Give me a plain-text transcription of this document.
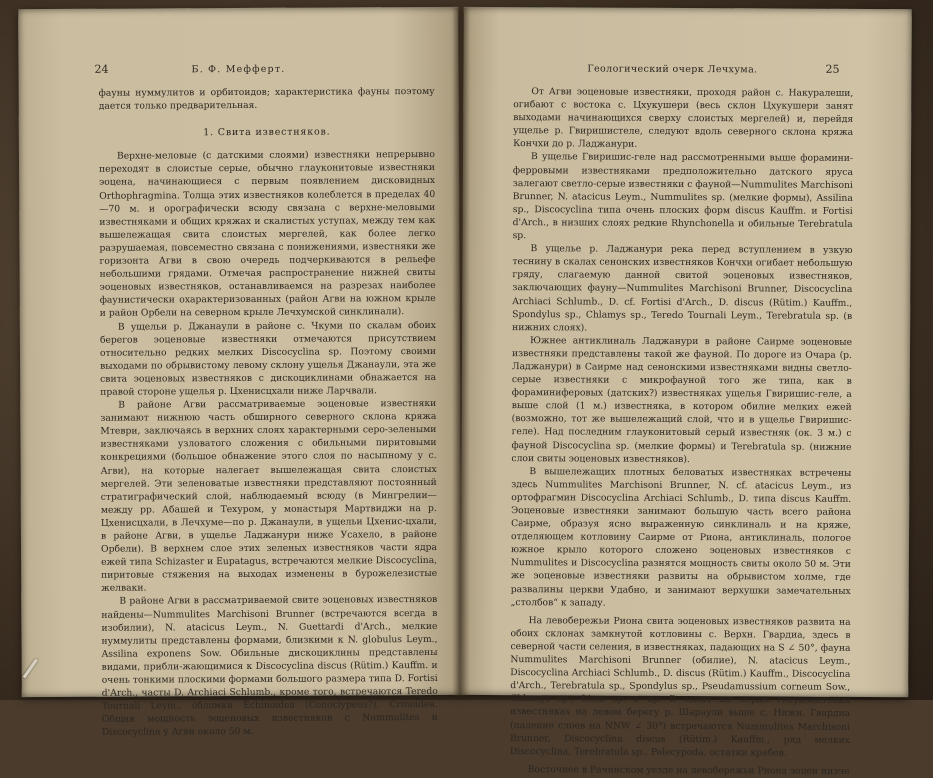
24	Б. Ф. Мефферт.

фауны нуммулитов и орбитоидов; характеристика фауны поэтому дается только предварительная.

1. Свита известняков.

Верхне-меловые (с датскими слоями) известняки непрерывно переходят в слоистые серые, обычно глауконитовые известняки эоцена, начинающиеся с первым появлением дисковидных Orthophragmina. Толща этих известняков колеблется в пределах 40—70 м. и орографически всюду связана с верхне-меловыми известняками и общих кряжах и скалистых уступах, между тем как вышележащая свита слоистых мергелей, как более легко разрушаемая, повсеместно связана с понижениями, известняки же горизонта Агви в свою очередь подчеркиваются в рельефе небольшими грядами. Отмечая распространение нижней свиты эоценовых известняков, останавливаемся на разрезах наиболее фаунистически охарактеризованных (район Агви на южном крыле и район Орбели на северном крыле Лечхумской синклинали).

В ущельи р. Джанаули в районе с. Чкуми по скалам обоих берегов эоценовые известняки отмечаются присутствием относительно редких мелких Discocyclina sp. Поэтому своими выходами по обрывистому левому склону ущелья Джанаули, эта же свита эоценовых известняков с дискоциклинами обнажается на правой стороне ущелья р. Цхенисцхали ниже Ларчвали.

В районе Агви рассматриваемые эоценовые известняки занимают нижнюю часть обширного северного склона кряжа Мтеври, заключаясь в верхних слоях характерными серо-зелеными известняками узловатого сложения с обильными пиритовыми конкрециями (большое обнажение этого слоя по насыпному у с. Агви), на которые налегает вышележащая свита слоистых мергелей. Эти зеленоватые известняки представляют постоянный стратиграфический слой, наблюдаемый всюду (в Мингрелии—между рр. Абашей и Техуром, у монастыря Мартвиджи на р. Цхенисцхали, в Лечхуме—по р. Джанаули, в ущельи Цхенис-цхали, в районе Агви, в ущелье Ладжанури ниже Усахело, в районе Орбели). В верхнем слое этих зеленых известняков части ядра ежей типа Schizaster и Eupatagus, встречаются мелкие Discocyclina, пиритовые стяжения на выходах изменены в бурожелезистые желваки.

В районе Агви в рассматриваемой свите эоценовых известняков найдены—Nummulites Marchisoni Brunner (встречаются всегда в изобилии), N. atacicus Leym., N. Guettardi d'Arch., мелкие нуммулиты представлены формами, близкими к N. globulus Leym., Assilina exponens Sow. Обильные дискоциклины представлены видами, прибли-жающимися к Discocyclina discus (Rütim.) Kauffm. и очень тонкими плоскими формами большого размера типа D. Fortisi d'Arch., часты D. Archiaci Schlumb., кроме того, встречаются Teredo Tournali Leym., обломки Echinoidea (Conoclypeus?), Crinoidea. Общая мощность эоценовых известняков с Nummulites и Discocyclina у Агви около 50 м.

Геологический очерк Лечхума.	25

От Агви эоценовые известняки, проходя район с. Накуралеши, огибают с востока с. Цхукушери (весь склон Цхукушери занят выходами начинающихся сверху слоистых мергелей) и, перейдя ущелье р. Гвиришистеле, следуют вдоль северного склона кряжа Кончхи до р. Ладжанури.

В ущелье Гвиришис-геле над рассмотренными выше форамини-ферровыми известняками предположительно датского яруса залегают светло-серые известняки с фауной—Nummulites Marchisoni Brunner, N. atacicus Leym., Nummulites sp. (мелкие формы), Assilina sp., Discocyclina типа очень плоских форм discus Kauffm. и Fortisi d'Arch., в низших слоях редкие Rhynchonella и обильные Terebratula sp.

В ущелье р. Ладжанури река перед вступлением в узкую теснину в скалах сенонских известняков Кончхи огибает небольшую гряду, слагаемую данной свитой эоценовых известняков, заключающих фауну—Nummulites Marchisoni Brunner, Discocyclina Archiaci Schlumb., D. cf. Fortisi d'Arch., D. discus (Rütim.) Kauffm., Spondylus sp., Chlamys sp., Teredo Tournali Leym., Terebratula sp. (в нижних слоях).

Южнее антиклиналь Ладжанури в районе Саирме эоценовые известняки представлены такой же фауной. По дороге из Очара (р. Ладжанури) в Саирме над сенонскими известняками видны светло-серые известняки с микрофауной того же типа, как в фораминиферовых (датских?) известняках ущелья Гвиришис-геле, а выше слой (1 м.) известняка, в котором обилие мелких ежей (возможно, тот же вышележащий слой, что и в ущелье Гвиришис-геле). Над последним глауконитовый серый известняк (ок. 3 м.) с фауной Discocyclina sp. (мелкие формы) и Terebratula sp. (нижние слои свиты эоценовых известняков).

В вышележащих плотных беловатых известняках встречены здесь Nummulites Marchisoni Brunner, N. cf. atacicus Leym., из ортофрагмин Discocyclina Archiaci Schlumb., D. типа discus Kauffm. Эоценовые известняки занимают большую часть всего района Саирме, образуя ясно выраженную синклиналь и на кряже, отделяющем котловину Саирме от Риона, антиклиналь, пологое южное крыло которого сложено эоценовых известняков с Nummulites и Discocyclina разнятся мощность свиты около 50 м. Эти же эоценовые известняки развиты на обрывистом холме, где развалины церкви Удабно, и занимают верхушки замечательных „столбов“ к западу.

На левобережьи Риона свита эоценовых известняков развита на обоих склонах замкнутой котловины с. Верхн. Гвардиа, здесь в северной части селения, в известняках, падающих на S ∠ 50°, фауна Nummulites Marchisoni Brunner (обилие), N. atacicus Leym., Discocyclina Archiaci Schlumb., D. discus (Rütim.) Kauffm., Discocyclina d'Arch., Terebratula sp., Spondylus sp., Pseudamussium corneum Sow., Chlamys sp., Lima sp. и др. В таких же серых глауконитовых известняках на левом берегу р. Шараули выше с. Нижн. Гвардиа (падение слоев на NNW ∠ 30°) встречаются Nummulites Marchisoni Brunner, Discocyclina discus (Rütim.) Kauffm., ряд мелких Discocyclina, Terebratula sp., Pelecypoda, остатки крабов.

Восточнее в Рачинском уезде на левобережьи Риона эоцен низче
